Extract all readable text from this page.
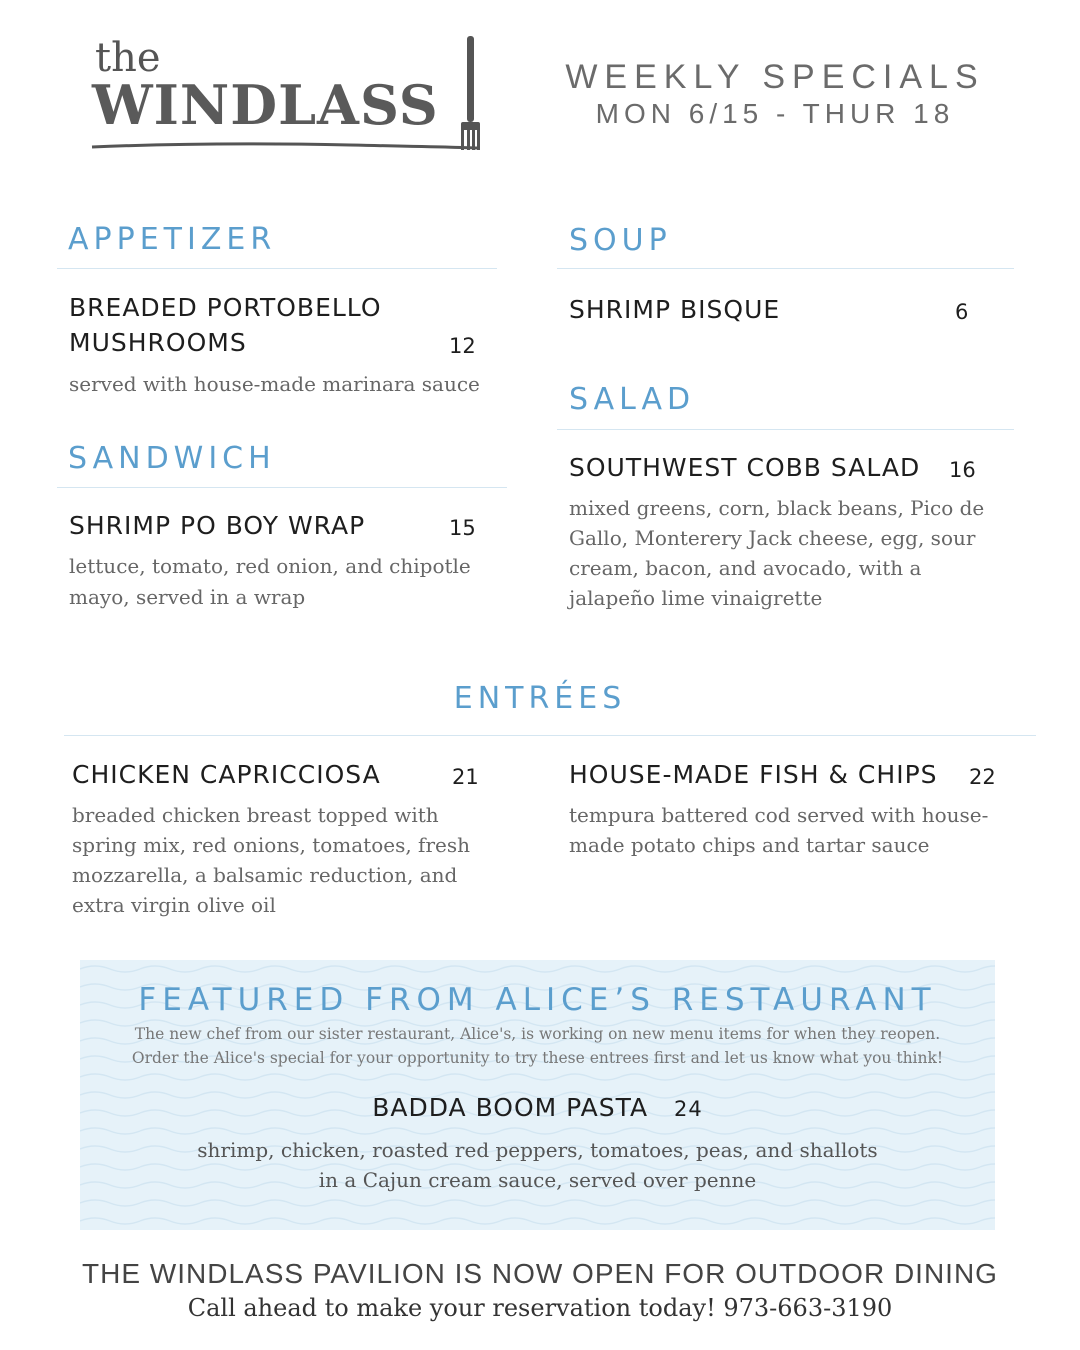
the
WINDLASS	WEEKLY SPECIALS
MON 6/15 - THUR 18
APPETIZER
BREADED PORTOBELLO
MUSHROOMS	12
served with house-made marinara sauce
SANDWICH
SHRIMP PO BOY WRAP	15
lettuce, tomato, red onion, and chipotle
mayo, served in a wrap
SOUP
SHRIMP BISQUE	6
SALAD
SOUTHWEST COBB SALAD 16
mixed greens, corn, black beans, Pico de
Gallo, Monterery Jack cheese, egg, sour
cream, bacon, and avocado, with a
jalapeño lime vinaigrette
ENTRÉES
CHICKEN CAPRICCIOSA	21
breaded chicken breast topped with
spring mix, red onions, tomatoes, fresh
mozzarella, a balsamic reduction, and
extra virgin olive oil
HOUSE-MADE FISH & CHIPS 22
tempura battered cod served with house-
made potato chips and tartar sauce
FEATURED FROM ALICE’S RESTAURANT
The new chef from our sister restaurant, Alice's, is working on new menu items for when they reopen.
Order the Alice's special for your opportunity to try these entrees first and let us know what you think!
BADDA BOOM PASTA 24
shrimp, chicken, roasted red peppers, tomatoes, peas, and shallots
in a Cajun cream sauce, served over penne
THE WINDLASS PAVILION IS NOW OPEN FOR OUTDOOR DINING
Call ahead to make your reservation today! 973-663-3190
